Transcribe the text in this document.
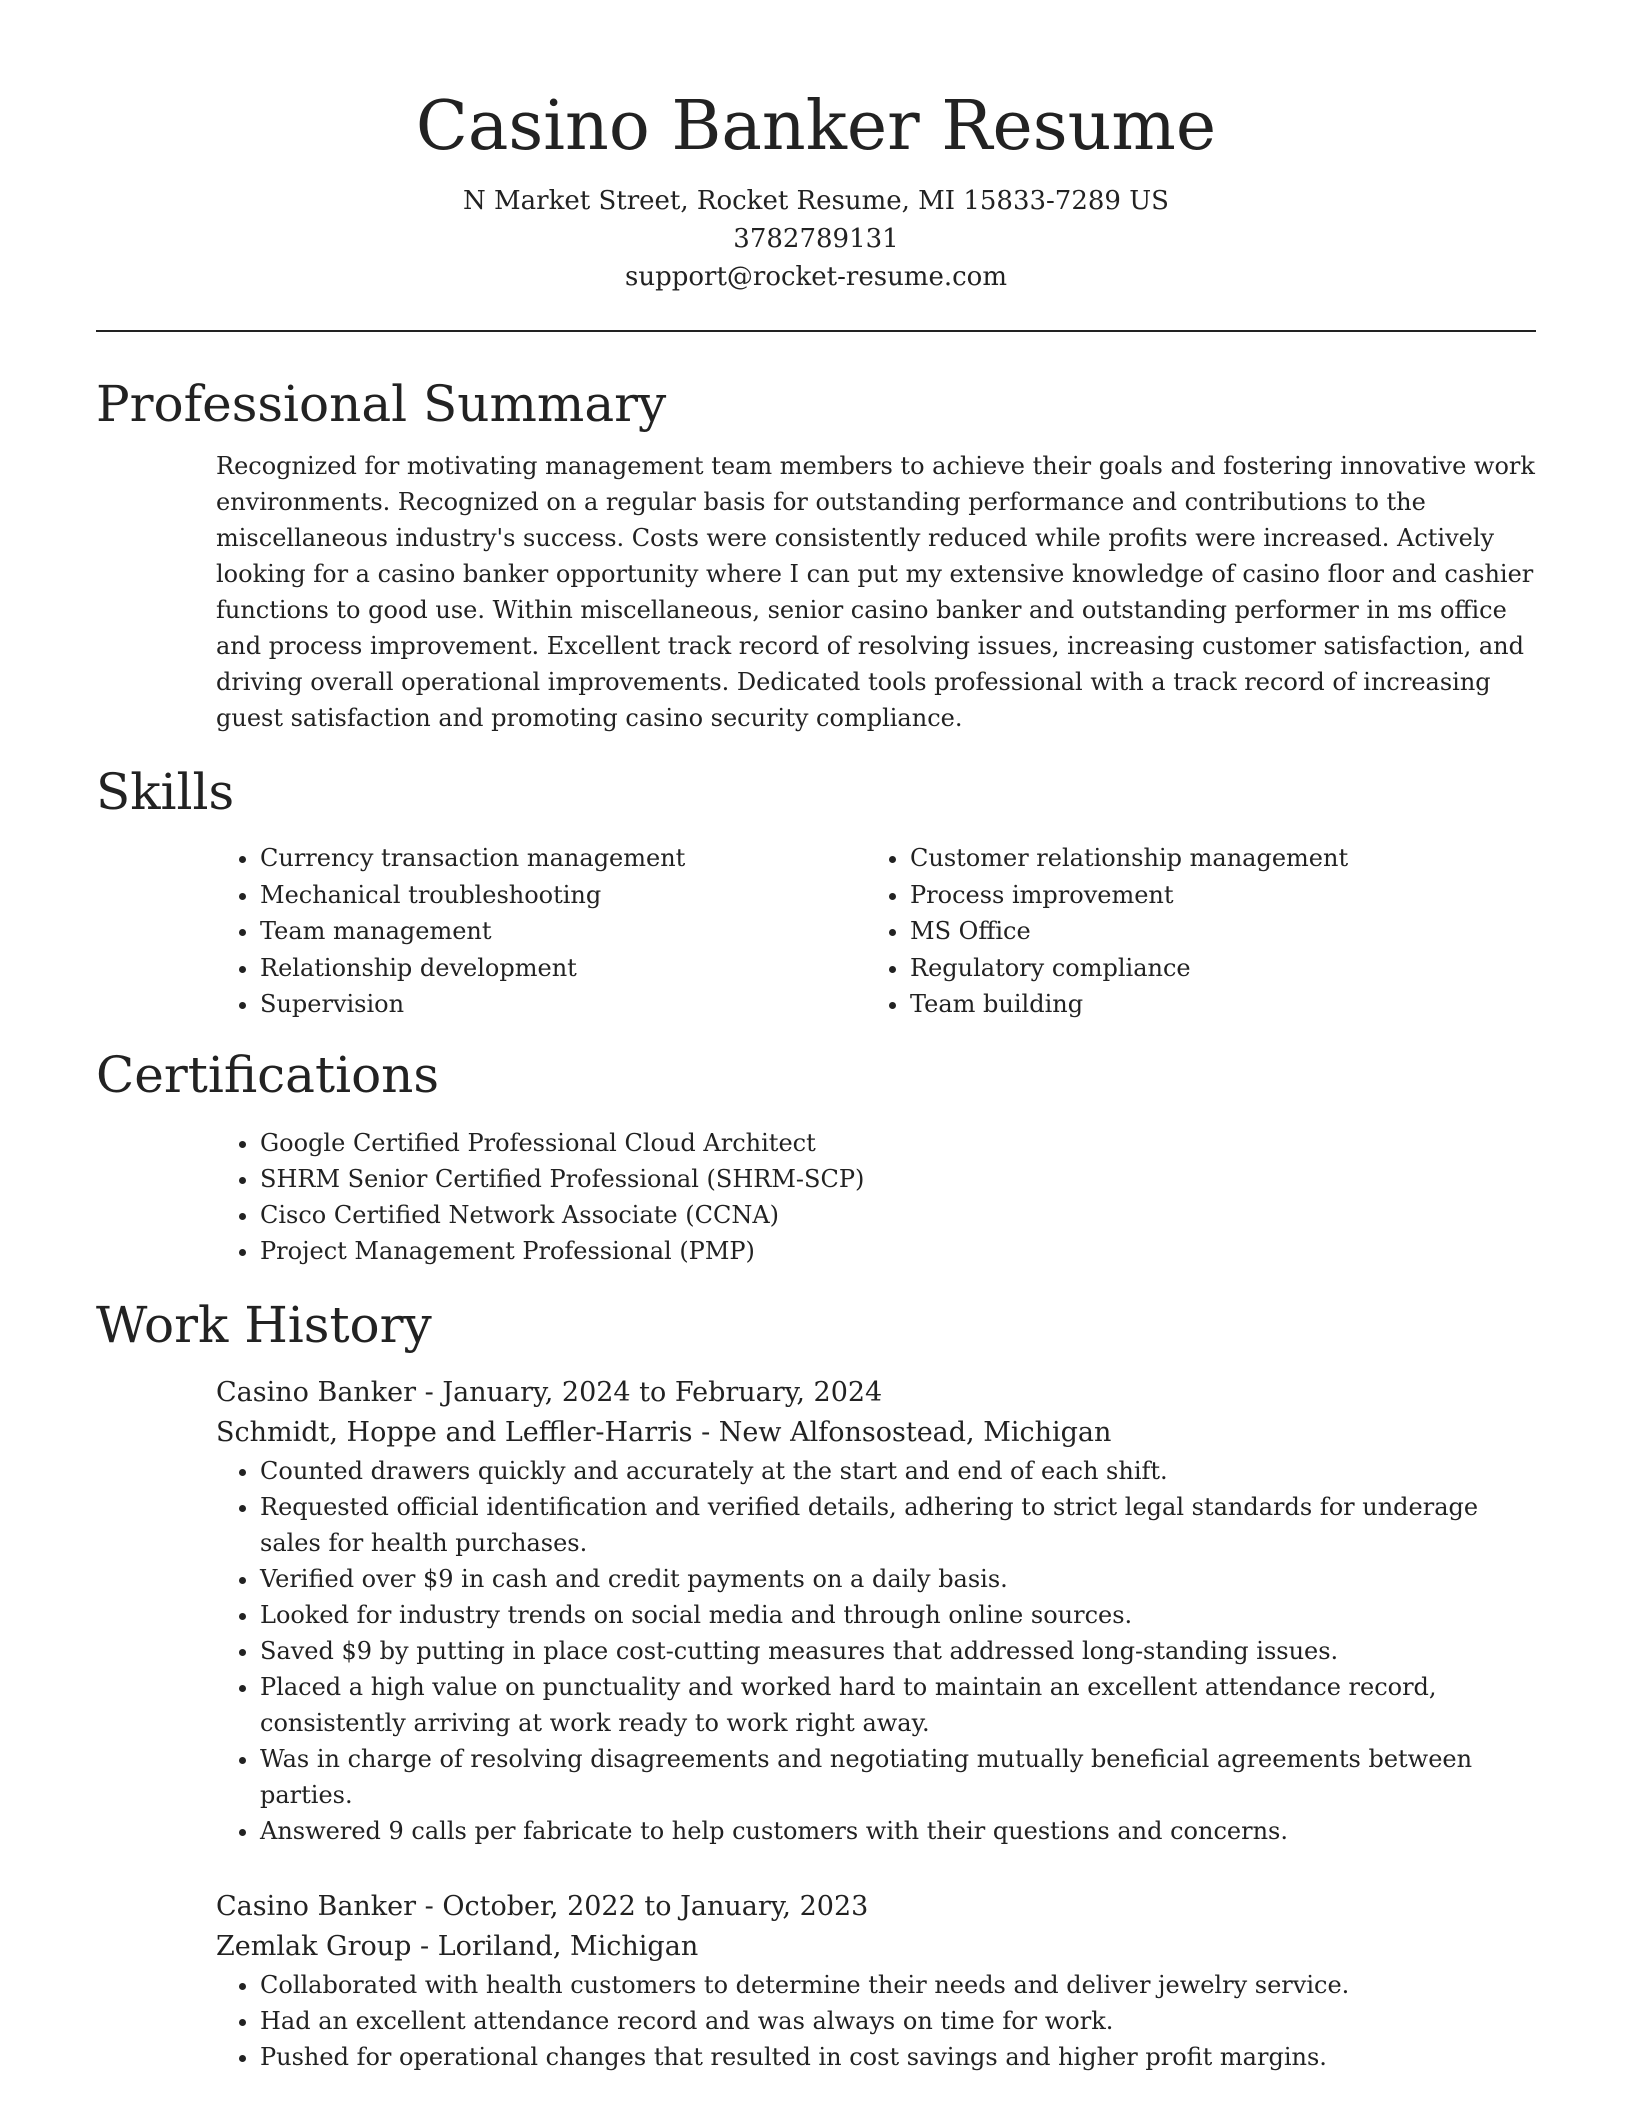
Casino Banker Resume
N Market Street, Rocket Resume, MI 15833-7289 US
3782789131
support@rocket-resume.com
Professional Summary

Recognized for motivating management team members to achieve their goals and fostering innovative work environments. Recognized on a regular basis for outstanding performance and contributions to the miscellaneous industry's success. Costs were consistently reduced while profits were increased. Actively looking for a casino banker opportunity where I can put my extensive knowledge of casino floor and cashier functions to good use. Within miscellaneous, senior casino banker and outstanding performer in ms office and process improvement. Excellent track record of resolving issues, increasing customer satisfaction, and driving overall operational improvements. Dedicated tools professional with a track record of increasing guest satisfaction and promoting casino security compliance.

Skills
• Currency transaction management
• Mechanical troubleshooting
• Team management
• Relationship development
• Supervision
• Customer relationship management
• Process improvement
• MS Office
• Regulatory compliance
• Team building
Certifications
• Google Certified Professional Cloud Architect
• SHRM Senior Certified Professional (SHRM-SCP)
• Cisco Certified Network Associate (CCNA)
• Project Management Professional (PMP)
Work History
Casino Banker - January, 2024 to February, 2024
Schmidt, Hoppe and Leffler-Harris - New Alfonsostead, Michigan
• Counted drawers quickly and accurately at the start and end of each shift.
• Requested official identification and verified details, adhering to strict legal standards for underage sales for health purchases.
• Verified over $9 in cash and credit payments on a daily basis.
• Looked for industry trends on social media and through online sources.
• Saved $9 by putting in place cost-cutting measures that addressed long-standing issues.
• Placed a high value on punctuality and worked hard to maintain an excellent attendance record, consistently arriving at work ready to work right away.
• Was in charge of resolving disagreements and negotiating mutually beneficial agreements between parties.
• Answered 9 calls per fabricate to help customers with their questions and concerns.
Casino Banker - October, 2022 to January, 2023
Zemlak Group - Loriland, Michigan
• Collaborated with health customers to determine their needs and deliver jewelry service.
• Had an excellent attendance record and was always on time for work.
• Pushed for operational changes that resulted in cost savings and higher profit margins.
